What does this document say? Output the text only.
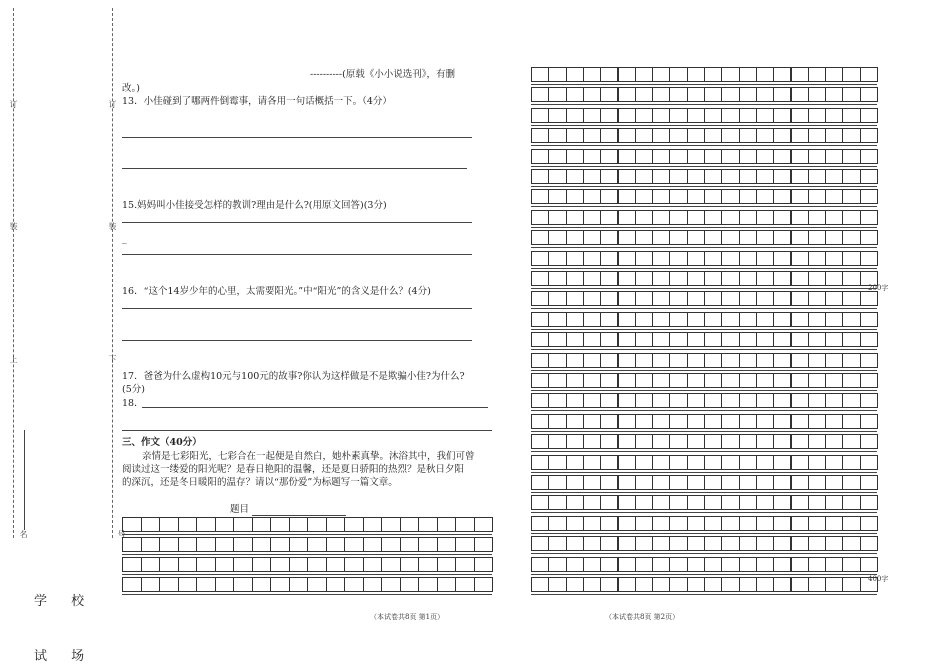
订
装
上
名
订
装
下
号
学 校
试 场
----------(原载《小小说选刊》，有删
改。)
13．小佳碰到了哪两件倒霉事，请各用一句话概括一下。（4分）
15.妈妈叫小佳接受怎样的教训?理由是什么?(用原文回答)(3分)
_
16．“这个14岁少年的心里，太需要阳光。”中“阳光”的含义是什么？(4分)
17．爸爸为什么虚构10元与100元的故事?你认为这样做是不是欺骗小佳?为什么?
(5分)
18．
三、作文（40分）
亲情是七彩阳光，七彩合在一起便是自然白，她朴素真挚。沐浴其中，我们可曾
阅读过这一缕爱的阳光呢？是春日艳阳的温馨，还是夏日骄阳的热烈？是秋日夕阳
的深沉，还是冬日暖阳的温存？请以“那份爱”为标题写一篇文章。
题目
（本试卷共8页 第1页）
200字
400字
（本试卷共8页 第2页）
